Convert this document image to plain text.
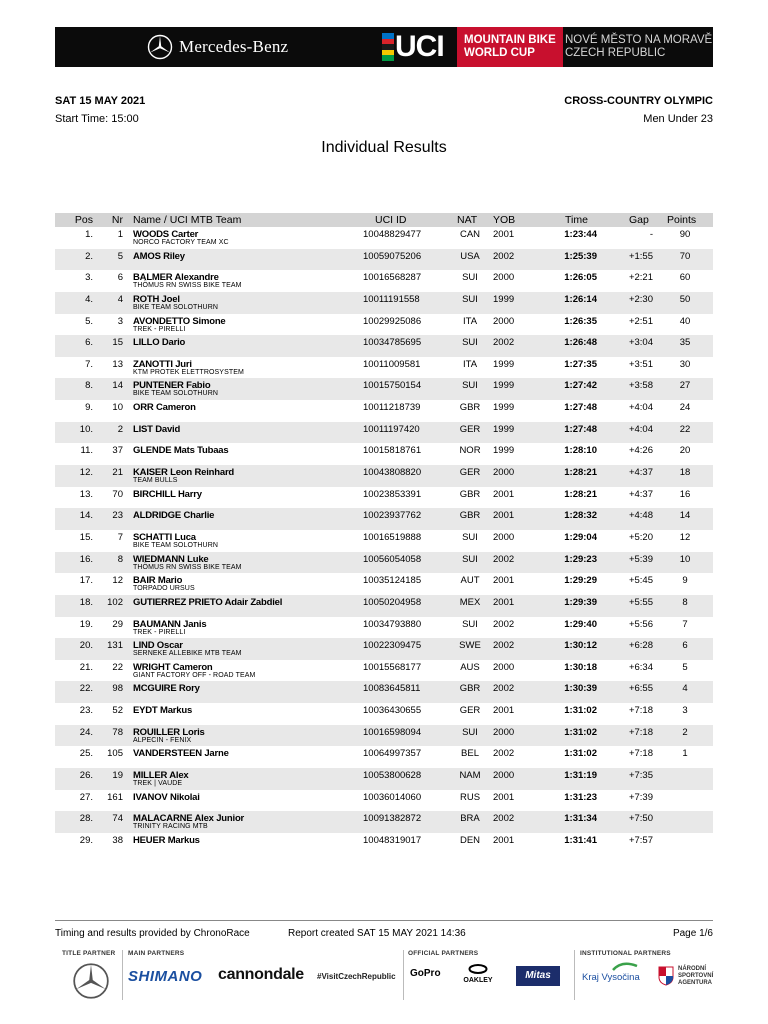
Mercedes-Benz	UCI MOUNTAIN BIKE
WORLD CUP
NOVÉ MĚSTO NA MORAVĚ
CZECH REPUBLIC
SAT 15 MAY 2021
Start Time: 15:00
CROSS-COUNTRY OLYMPIC
Men Under 23
Individual Results
Pos	Nr Name / UCI MTB Team	UCI ID	NAT YOB	Time	Gap Points
1.	1 WOODS Carter
NORCO FACTORY TEAM XC
10048829477	CAN	2001	1:23:44	-	90
2.	5 AMOS Riley	10059075206	USA	2002	1:25:39	+1:55	70
3.	6 BALMER Alexandre
THÖMUS RN SWISS BIKE TEAM
10016568287	SUI	2000	1:26:05	+2:21	60
4.	4 ROTH Joel
BIKE TEAM SOLOTHURN
10011191558	SUI	1999	1:26:14	+2:30	50
5.	3 AVONDETTO Simone
TREK - PIRELLI
10029925086	ITA	2000	1:26:35	+2:51	40
6.	15 LILLO Dario	10034785695	SUI	2002	1:26:48	+3:04	35
7.	13 ZANOTTI Juri
KTM PROTEK ELETTROSYSTEM
10011009581	ITA	1999	1:27:35	+3:51	30
8.	14 PUNTENER Fabio
BIKE TEAM SOLOTHURN
10015750154	SUI	1999	1:27:42	+3:58	27
9.	10 ORR Cameron	10011218739	GBR	1999	1:27:48	+4:04	24
10.	2 LIST David	10011197420	GER	1999	1:27:48	+4:04	22
11.	37 GLENDE Mats Tubaas	10015818761	NOR	1999	1:28:10	+4:26	20
12.	21 KAISER Leon Reinhard
TEAM BULLS
10043808820	GER	2000	1:28:21	+4:37	18
13.	70 BIRCHILL Harry	10023853391	GBR	2001	1:28:21	+4:37	16
14.	23 ALDRIDGE Charlie	10023937762	GBR	2001	1:28:32	+4:48	14
15.	7 SCHATTI Luca
BIKE TEAM SOLOTHURN
10016519888	SUI	2000	1:29:04	+5:20	12
16.	8 WIEDMANN Luke
THÖMUS RN SWISS BIKE TEAM
10056054058	SUI	2002	1:29:23	+5:39	10
17.	12 BAIR Mario
TORPADO URSUS
10035124185	AUT	2001	1:29:29	+5:45	9
18.	102 GUTIERREZ PRIETO Adair Zabdiel	10050204958	MEX	2001	1:29:39	+5:55	8
19.	29 BAUMANN Janis
TREK - PIRELLI
10034793880	SUI	2002	1:29:40	+5:56	7
20.	131 LIND Oscar
SERNEKE ALLEBIKE MTB TEAM
10022309475	SWE	2002	1:30:12	+6:28	6
21.	22 WRIGHT Cameron
GIANT FACTORY OFF - ROAD TEAM
10015568177	AUS	2000	1:30:18	+6:34	5
22.	98 MCGUIRE Rory	10083645811	GBR	2002	1:30:39	+6:55	4
23.	52 EYDT Markus	10036430655	GER	2001	1:31:02	+7:18	3
24.	78 ROUILLER Loris
ALPECIN - FENIX
10016598094	SUI	2000	1:31:02	+7:18	2
25.	105 VANDERSTEEN Jarne	10064997357	BEL	2002	1:31:02	+7:18	1
26.	19 MILLER Alex
TREK | VAUDE
10053800628	NAM	2000	1:31:19	+7:35
27.	161 IVANOV Nikolai	10036014060	RUS	2001	1:31:23	+7:39
28.	74 MALACARNE Alex Junior
TRINITY RACING MTB
10091382872	BRA	2002	1:31:34	+7:50
29.	38 HEUER Markus	10048319017	DEN	2001	1:31:41	+7:57
Timing and results provided by ChronoRace	Report created SAT 15 MAY 2021 14:36	Page 1/6
TITLE PARTNER MAIN PARTNERS	OFFICIAL PARTNERS	INSTITUTIONAL PARTNERS
SHIMANO cannondale #VisitCzechRepublic GoPro
OAKLEY	Mitas	Kraj Vysočina
NÁRODNÍ
SPORTOVNÍ
AGENTURA
